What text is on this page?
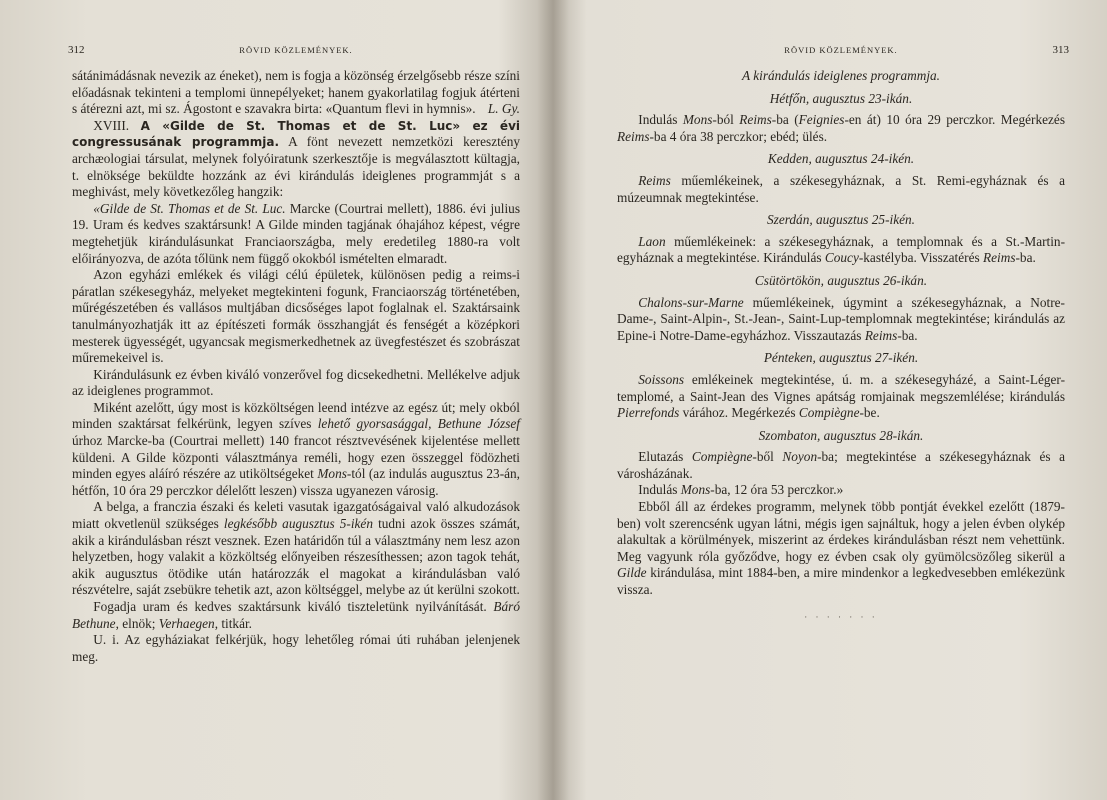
312	RÖVID KÖZLEMÉNYEK.

sátánimádásnak nevezik az éneket), nem is fogja a közönség érzelgősebb része színi előadásnak tekinteni a templomi ünnepélyeket; hanem gyakorlatilag fogjuk átérteni s átérezni azt, mi sz. Ágostont e szavakra birta: «Quantum flevi in hymnis». L. Gy.

XVIII. A «Gilde de St. Thomas et de St. Luc» ez évi congressusának programmja. A fönt nevezett nemzetközi keresztény archæologiai társulat, melynek folyóiratunk szerkesztője is megválasztott kültagja, t. elnöksége beküldte hozzánk az évi kirándulás ideiglenes programmját s a meghivást, mely következőleg hangzik:

«Gilde de St. Thomas et de St. Luc. Marcke (Courtrai mellett), 1886. évi julius 19. Uram és kedves szaktársunk! A Gilde minden tagjának óhajához képest, végre megtehetjük kirándulásunkat Franciaországba, mely eredetileg 1880-ra volt előirányozva, de azóta tőlünk nem függő okokból ismételten elmaradt.

Azon egyházi emlékek és világi célú épületek, különösen pedig a reims-i páratlan székesegyház, melyeket megtekinteni fogunk, Franciaország történetében, műrégészetében és vallásos multjában dicsőséges lapot foglalnak el. Szaktársaink tanulmányozhatják itt az építészeti formák összhangját és fenségét a középkori mesterek ügyességét, ugyancsak megismerkedhetnek az üvegfestészet és szobrászat műremekeivel is.

Kirándulásunk ez évben kiváló vonzerővel fog dicsekedhetni. Mellékelve adjuk az ideiglenes programmot.

Miként azelőtt, úgy most is közköltségen leend intézve az egész út; mely okból minden szaktársat felkérünk, legyen szíves lehető gyorsasággal, Bethune József úrhoz Marcke-ba (Courtrai mellett) 140 francot résztvevésének kijelentése mellett küldeni. A Gilde központi választmánya reméli, hogy ezen összeggel födözheti minden egyes aláíró részére az utiköltségeket Mons-tól (az indulás augusztus 23-án, hétfőn, 10 óra 29 perczkor délelőtt leszen) vissza ugyanezen városig.

A belga, a franczia északi és keleti vasutak igazgatóságaival való alkudozások miatt okvetlenül szükséges legkésőbb augusztus 5-ikén tudni azok összes számát, akik a kirándulásban részt vesznek. Ezen határidőn túl a választmány nem lesz azon helyzetben, hogy valakit a közköltség előnyeiben részesíthessen; azon tagok tehát, akik augusztus ötödike után határozzák el magokat a kirándulásban való részvételre, saját zsebükre tehetik azt, azon költséggel, melybe az út kerülni szokott.

Fogadja uram és kedves szaktársunk kiváló tiszteletünk nyilvánítását. Báró Bethune, elnök; Verhaegen, titkár.

U. i. Az egyháziakat felkérjük, hogy lehetőleg római úti ruhában jelenjenek meg.

RÖVID KÖZLEMÉNYEK.	313
A kirándulás ideiglenes programmja.
Hétfőn, augusztus 23-ikán.

Indulás Mons-ból Reims-ba (Feignies-en át) 10 óra 29 perczkor. Megérkezés Reims-ba 4 óra 38 perczkor; ebéd; ülés.

Kedden, augusztus 24-ikén.

Reims műemlékeinek, a székesegyháznak, a St. Remi-egyháznak és a múzeumnak megtekintése.

Szerdán, augusztus 25-ikén.

Laon műemlékeinek: a székesegyháznak, a templomnak és a St.-Martin-egyháznak a megtekintése. Kirándulás Coucy-kastélyba. Visszatérés Reims-ba.

Csütörtökön, augusztus 26-ikán.

Chalons-sur-Marne műemlékeinek, úgymint a székesegyháznak, a Notre-Dame-, Saint-Alpin-, St.-Jean-, Saint-Lup-templomnak megtekintése; kirándulás az Epine-i Notre-Dame-egyházhoz. Visszautazás Reims-ba.

Pénteken, augusztus 27-ikén.

Soissons emlékeinek megtekintése, ú. m. a székesegyházé, a Saint-Léger-templomé, a Saint-Jean des Vignes apátság romjainak megszemlélése; kirándulás Pierrefonds várához. Megérkezés Compiègne-be.

Szombaton, augusztus 28-ikán.

Elutazás Compiègne-ből Noyon-ba; megtekintése a székesegyháznak és a városházának.

Indulás Mons-ba, 12 óra 53 perczkor.»

Ebből áll az érdekes programm, melynek több pontját évekkel ezelőtt (1879-ben) volt szerencsénk ugyan látni, mégis igen sajnáltuk, hogy a jelen évben olykép alakultak a körülmények, miszerint az érdekes kirándulásban részt nem vehettünk. Meg vagyunk róla győződve, hogy ez évben csak oly gyümölcsözőleg sikerül a Gilde kirándulása, mint 1884-ben, a mire mindenkor a legkedvesebben emlékezünk vissza.

· · · · · · ·
